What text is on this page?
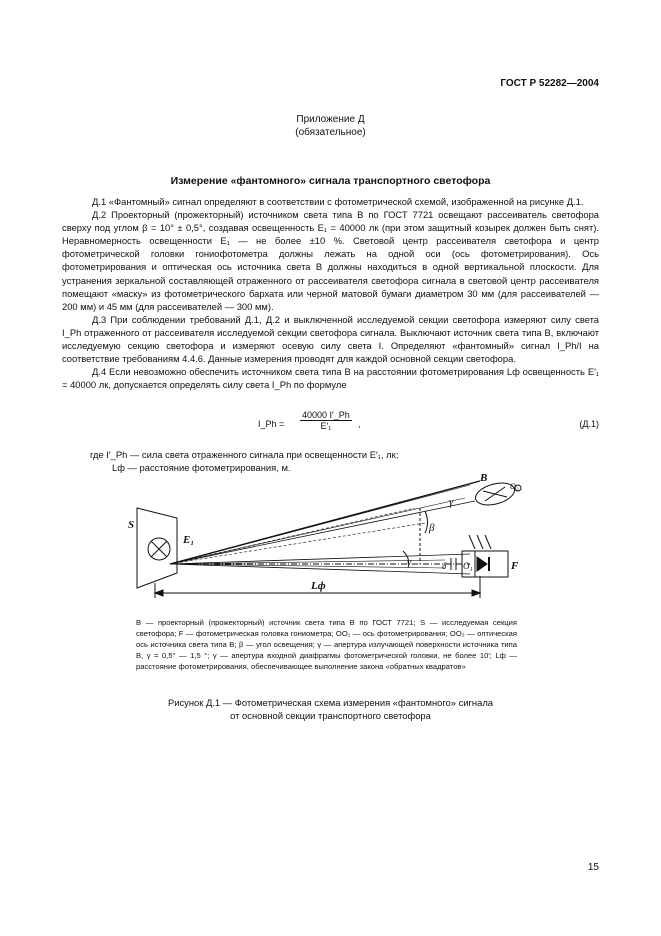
ГОСТ Р 52282—2004
Приложение Д
(обязательное)
Измерение «фантомного» сигнала транспортного светофора

Д.1 «Фантомный» сигнал определяют в соответствии с фотометрической схемой, изображенной на рисунке Д.1.

Д.2 Проекторный (прожекторный) источником света типа В по ГОСТ 7721 освещают рассеиватель светофора сверху под углом β = 10° ± 0,5°, создавая освещенность E₁ = 40000 лк (при этом защитный козырек должен быть снят). Неравномерность освещенности E₁ — не более ±10 %. Световой центр рассеивателя светофора и центр фотометрической головки гониофотометра должны лежать на одной оси (ось фотометрирования). Ось фотометрирования и оптическая ось источника света В должны находиться в одной вертикальной плоскости. Для устранения зеркальной составляющей отраженного от рассеивателя светофора сигнала в световой центр рассеивателя помещают «маску» из фотометрического бархата или черной матовой бумаги диаметром 30 мм (для рассеивателей — 200 мм) и 45 мм (для рассеивателей — 300 мм).

Д.3 При соблюдении требований Д.1, Д.2 и выключенной исследуемой секции светофора измеряют силу света I_Ph отраженного от рассеивателя исследуемой секции светофора сигнала. Выключают источник света типа В, включают исследуемую секцию светофора и измеряют осевую силу света I. Определяют «фантомный» сигнал I_Ph/I на соответствие требованиям 4.4.6. Данные измерения проводят для каждой основной секции светофора.

Д.4 Если невозможно обеспечить источником света типа В на расстоянии фотометрирования Lф освещенность E′₁ = 40000 лк, допускается определять силу света I_Ph по формуле

I_Ph = $\frac{40000 I'\_Ph}{\text{E′₁}}$ ,	(Д.1)
где I′_Ph — сила света отраженного сигнала при освещенности E′₁, лк;
Lф — расстояние фотометрирования, м.
S
E₁
B
γ
β
γ	δ O₁
O₂
F
Lф
B — проекторный (прожекторный) источник света типа В по ГОСТ 7721; S — исследуемая секция светофора; F — фотометрическая головка гониометра; OO₁ — ось фотометрирования; OO₂ — оптическая ось источника света типа В; β — угол освещения; γ — апертура излучающей поверхности источника типа В, γ = 0,5° — 1,5 °; γ — апертура входной диафрагмы фотометрической головки, не более 10'; Lф — расстояние фотометрирования, обеспечивающее выполнение закона «обратных квадратов»
Рисунок Д.1 — Фотометрическая схема измерения «фантомного» сигнала
от основной секции транспортного светофора
15
